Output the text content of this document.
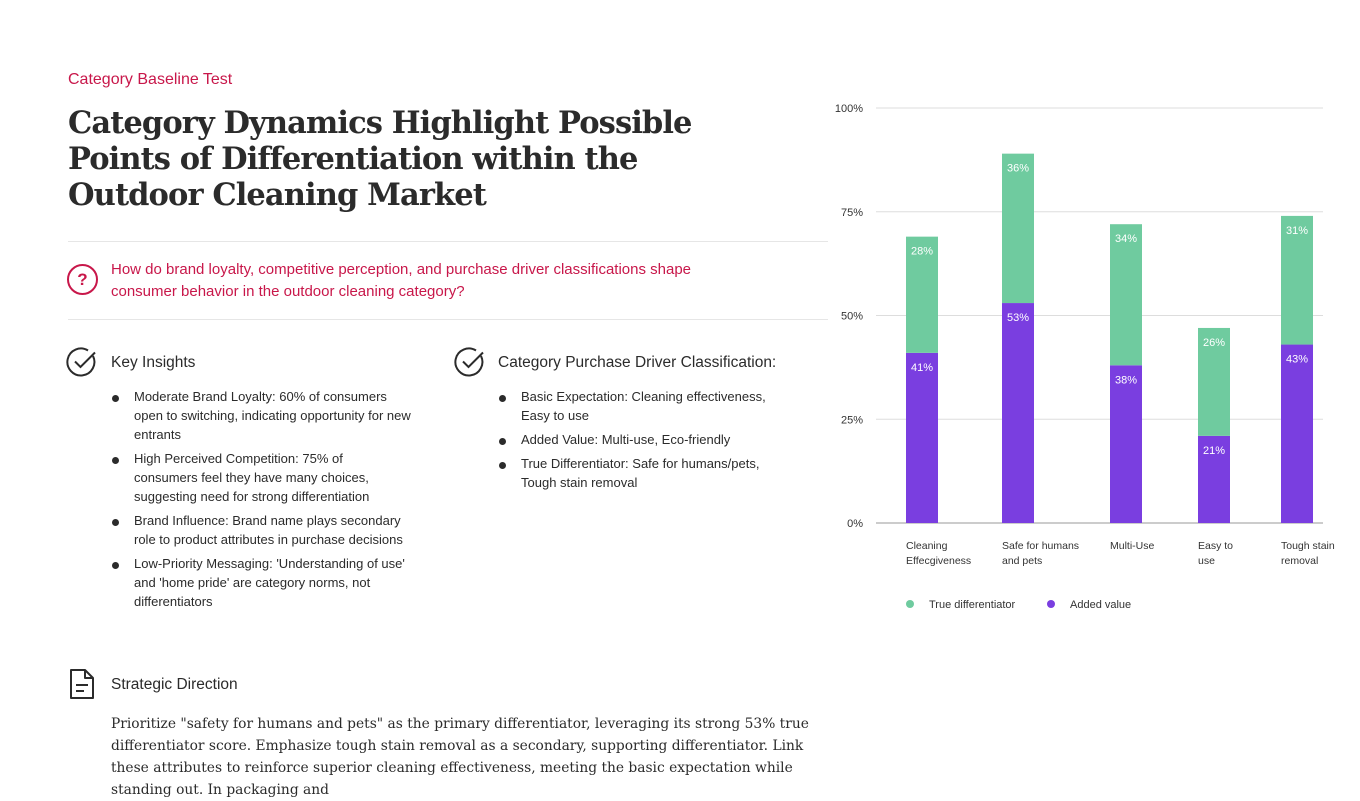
Category Baseline Test
Category Dynamics Highlight Possible Points of Differentiation within the Outdoor Cleaning Market
?
How do brand loyalty, competitive perception, and purchase driver classifications shape consumer behavior in the outdoor cleaning category?
Key Insights
Moderate Brand Loyalty: 60% of consumers open to switching, indicating opportunity for new entrants
High Perceived Competition: 75% of consumers feel they have many choices, suggesting need for strong differentiation
Brand Influence: Brand name plays secondary role to product attributes in purchase decisions
Low-Priority Messaging: 'Understanding of use' and 'home pride' are category norms, not differentiators
Category Purchase Driver Classification:
Basic Expectation: Cleaning effectiveness, Easy to use
Added Value: Multi-use, Eco-friendly
True Differentiator: Safe for humans/pets, Tough stain removal
Strategic Direction

Prioritize "safety for humans and pets" as the primary differentiator, leveraging its strong 53% true differentiator score. Emphasize tough stain removal as a secondary, supporting differentiator. Link these attributes to reinforce superior cleaning effectiveness, meeting the basic expectation while standing out. In packaging and

0%
25%
50%
75%
100%
41%
28%
Cleaning
Effecgiveness
53%
36%
Safe for humans
and pets
38%
34%
Multi-Use
21%
26%
Easy to
use
43%
31%
Tough stain
removal
True differentiator	Added value
